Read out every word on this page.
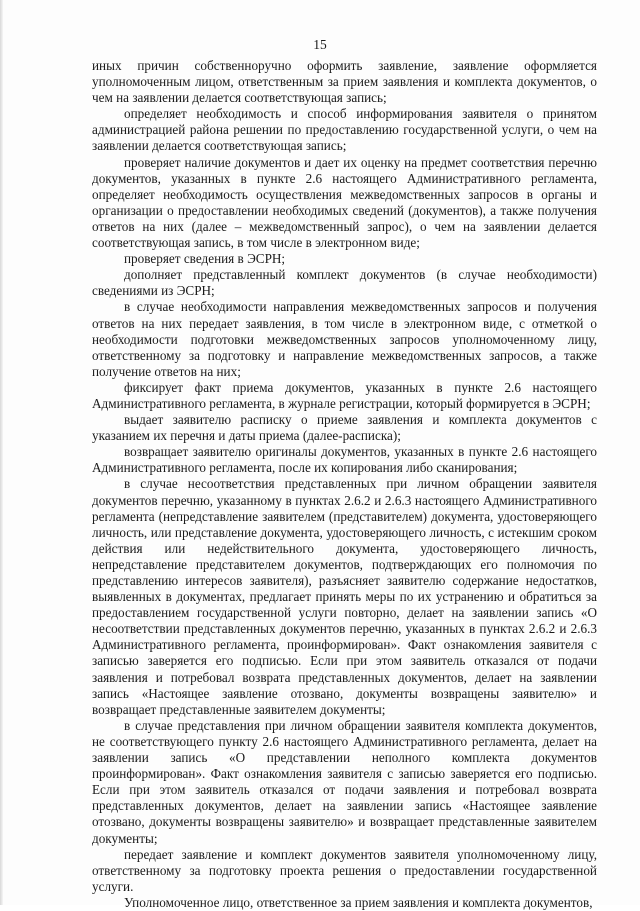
15

иных причин собственноручно оформить заявление, заявление оформляется уполномоченным лицом, ответственным за прием заявления и комплекта документов, о чем на заявлении делается соответствующая запись;

определяет необходимость и способ информирования заявителя о принятом администрацией района решении по предоставлению государственной услуги, о чем на заявлении делается соответствующая запись;

проверяет наличие документов и дает их оценку на предмет соответствия перечню документов, указанных в пункте 2.6 настоящего Административного регламента, определяет необходимость осуществления межведомственных запросов в органы и организации о предоставлении необходимых сведений (документов), а также получения ответов на них (далее – межведомственный запрос), о чем на заявлении делается соответствующая запись, в том числе в электронном виде;

проверяет сведения в ЭСРН;

дополняет представленный комплект документов (в случае необходимости) сведениями из ЭСРН;

в случае необходимости направления межведомственных запросов и получения ответов на них передает заявления, в том числе в электронном виде, с отметкой о необходимости подготовки межведомственных запросов уполномоченному лицу, ответственному за подготовку и направление межведомственных запросов, а также получение ответов на них;

фиксирует факт приема документов, указанных в пункте 2.6 настоящего Административного регламента, в журнале регистрации, который формируется в ЭСРН;

выдает заявителю расписку о приеме заявления и комплекта документов с указанием их перечня и даты приема (далее-расписка);

возвращает заявителю оригиналы документов, указанных в пункте 2.6 настоящего Административного регламента, после их копирования либо сканирования;

в случае несоответствия представленных при личном обращении заявителя документов перечню, указанному в пунктах 2.6.2 и 2.6.3 настоящего Административного регламента (непредставление заявителем (представителем) документа, удостоверяющего личность, или представление документа, удостоверяющего личность, с истекшим сроком действия или недействительного документа, удостоверяющего личность, непредставление представителем документов, подтверждающих его полномочия по представлению интересов заявителя), разъясняет заявителю содержание недостатков, выявленных в документах, предлагает принять меры по их устранению и обратиться за предоставлением государственной услуги повторно, делает на заявлении запись «О несоответствии представленных документов перечню, указанных в пунктах 2.6.2 и 2.6.3 Административного регламента, проинформирован». Факт ознакомления заявителя с записью заверяется его подписью. Если при этом заявитель отказался от подачи заявления и потребовал возврата представленных документов, делает на заявлении запись «Настоящее заявление отозвано, документы возвращены заявителю» и возвращает представленные заявителем документы;

в случае представления при личном обращении заявителя комплекта документов, не соответствующего пункту 2.6 настоящего Административного регламента, делает на заявлении запись «О представлении неполного комплекта документов проинформирован». Факт ознакомления заявителя с записью заверяется его подписью. Если при этом заявитель отказался от подачи заявления и потребовал возврата представленных документов, делает на заявлении запись «Настоящее заявление отозвано, документы возвращены заявителю» и возвращает представленные заявителем документы;

передает заявление и комплект документов заявителя уполномоченному лицу, ответственному за подготовку проекта решения о предоставлении государственной услуги.

Уполномоченное лицо, ответственное за прием заявления и комплекта документов,
